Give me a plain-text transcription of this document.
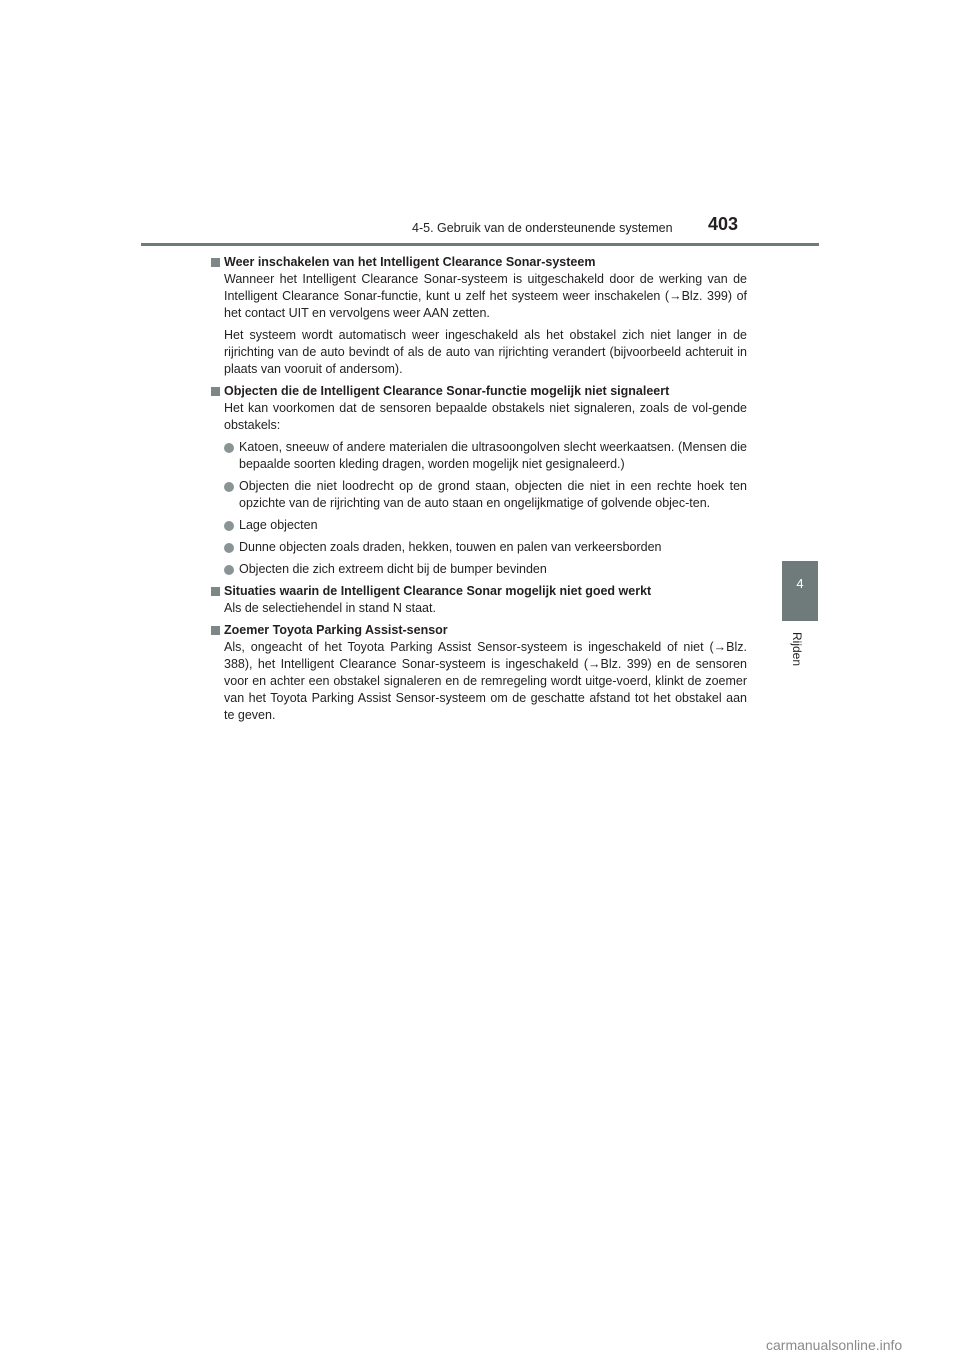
4-5. Gebruik van de ondersteunende systemen 403
4
Rijden
Weer inschakelen van het Intelligent Clearance Sonar-systeem

Wanneer het Intelligent Clearance Sonar-systeem is uitgeschakeld door de werking van de Intelligent Clearance Sonar-functie, kunt u zelf het systeem weer inschakelen (→Blz. 399) of het contact UIT en vervolgens weer AAN zetten.

Het systeem wordt automatisch weer ingeschakeld als het obstakel zich niet langer in de rijrichting van de auto bevindt of als de auto van rijrichting verandert (bijvoorbeeld achteruit in plaats van vooruit of andersom).

Objecten die de Intelligent Clearance Sonar-functie mogelijk niet signaleert

Het kan voorkomen dat de sensoren bepaalde obstakels niet signaleren, zoals de vol-gende obstakels:

Katoen, sneeuw of andere materialen die ultrasoongolven slecht weerkaatsen. (Mensen die bepaalde soorten kleding dragen, worden mogelijk niet gesignaleerd.)

Objecten die niet loodrecht op de grond staan, objecten die niet in een rechte hoek ten opzichte van de rijrichting van de auto staan en ongelijkmatige of golvende objec-ten.

Lage objecten

Dunne objecten zoals draden, hekken, touwen en palen van verkeersborden

Objecten die zich extreem dicht bij de bumper bevinden

Situaties waarin de Intelligent Clearance Sonar mogelijk niet goed werkt

Als de selectiehendel in stand N staat.

Zoemer Toyota Parking Assist-sensor

Als, ongeacht of het Toyota Parking Assist Sensor-systeem is ingeschakeld of niet (→Blz. 388), het Intelligent Clearance Sonar-systeem is ingeschakeld (→Blz. 399) en de sensoren voor en achter een obstakel signaleren en de remregeling wordt uitge-voerd, klinkt de zoemer van het Toyota Parking Assist Sensor-systeem om de geschatte afstand tot het obstakel aan te geven.

carmanualsonline.info
